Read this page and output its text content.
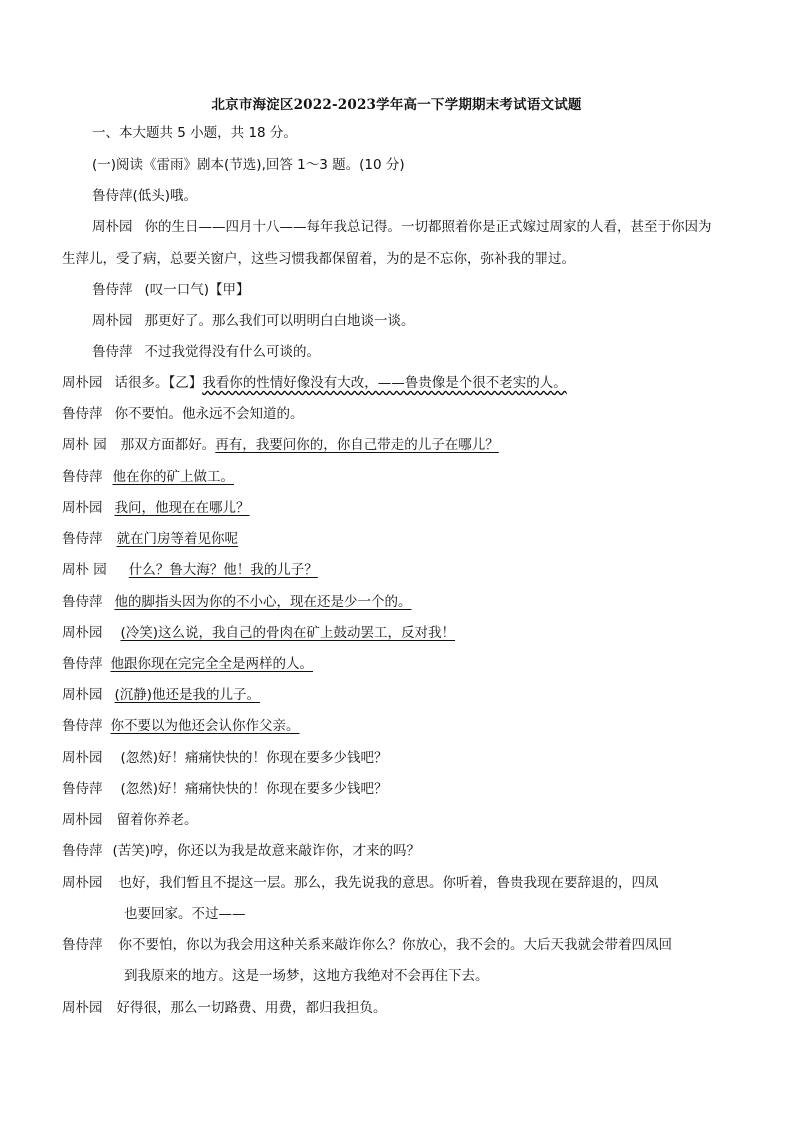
北京市海淀区2022-2023学年高一下学期期末考试语文试题
一、本大题共 5 小题，共 18 分。
(一)阅读《雷雨》剧本(节选),回答 1～3 题。(10 分)
鲁侍萍(低头)哦。
周朴园 你的生日——四月十八——每年我总记得。一切都照着你是正式嫁过周家的人看，甚至于你因为
生萍儿，受了病，总要关窗户，这些习惯我都保留着，为的是不忘你，弥补我的罪过。
鲁侍萍 (叹一口气)【甲】
周朴园 那更好了。那么我们可以明明白白地谈一谈。
鲁侍萍 不过我觉得没有什么可谈的。
周朴园 话很多。【乙】我看你的性情好像没有大改，——鲁贵像是个很不老实的人。
鲁侍萍 你不要怕。他永远不会知道的。
周朴 园 那双方面都好。再有，我要问你的，你自己带走的儿子在哪儿？
鲁侍萍 他在你的矿上做工。
周朴园 我问，他现在在哪儿？
鲁侍萍 就在门房等着见你呢
周朴 园 什么？鲁大海？他！我的儿子？
鲁侍萍 他的脚指头因为你的不小心，现在还是少一个的。
周朴园 (冷笑)这么说，我自己的骨肉在矿上鼓动罢工，反对我！
鲁侍萍 他跟你现在完完全全是两样的人。
周朴园 (沉静)他还是我的儿子。
鲁侍萍 你不要以为他还会认你作父亲。
周朴园 (忽然)好！痛痛快快的！你现在要多少钱吧？
鲁侍萍 (忽然)好！痛痛快快的！你现在要多少钱吧？
周朴园 留着你养老。
鲁侍萍 (苦笑)哼，你还以为我是故意来敲诈你，才来的吗？
周朴园 也好，我们暂且不提这一层。那么，我先说我的意思。你听着，鲁贵我现在要辞退的，四凤
也要回家。不过——
鲁侍萍 你不要怕，你以为我会用这种关系来敲诈你么？你放心，我不会的。大后天我就会带着四凤回
到我原来的地方。这是一场梦，这地方我绝对不会再住下去。
周朴园 好得很，那么一切路费、用费，都归我担负。
